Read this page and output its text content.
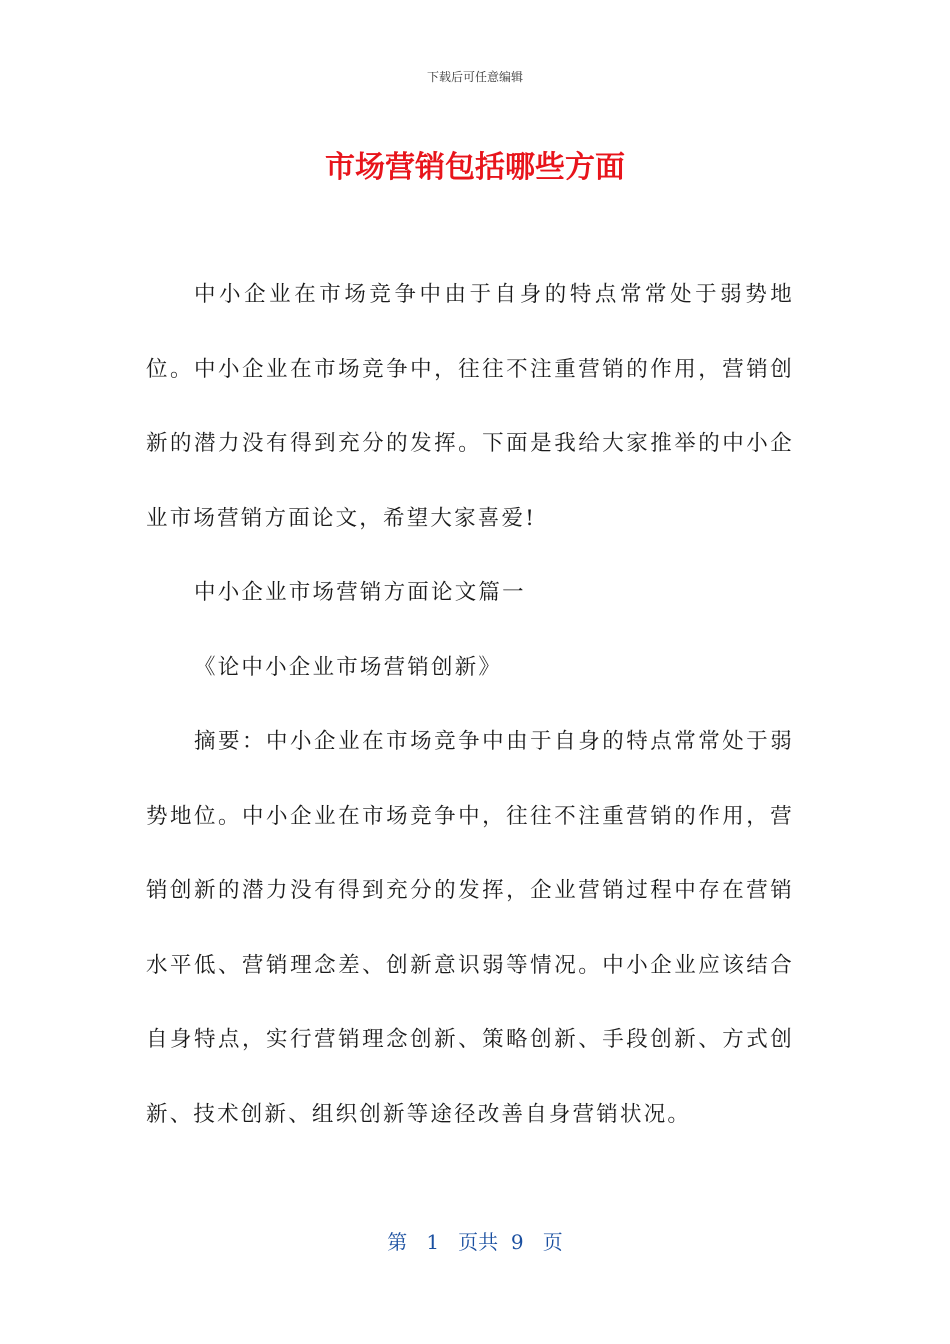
下载后可任意编辑
市场营销包括哪些方面

中小企业在市场竞争中由于自身的特点常常处于弱势地位。中小企业在市场竞争中，往往不注重营销的作用，营销创新的潜力没有得到充分的发挥。下面是我给大家推举的中小企业市场营销方面论文，希望大家喜爱!

中小企业市场营销方面论文篇一

《论中小企业市场营销创新》

摘要：中小企业在市场竞争中由于自身的特点常常处于弱势地位。中小企业在市场竞争中，往往不注重营销的作用，营销创新的潜力没有得到充分的发挥，企业营销过程中存在营销水平低、营销理念差、创新意识弱等情况。中小企业应该结合自身特点，实行营销理念创新、策略创新、手段创新、方式创新、技术创新、组织创新等途径改善自身营销状况。

第 1 页共 9 页
